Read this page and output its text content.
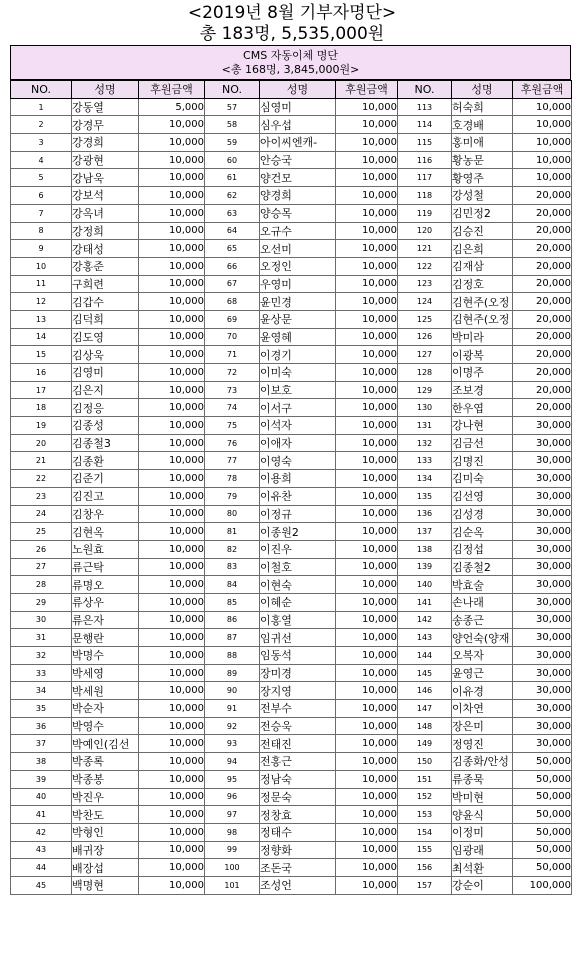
<2019년 8월 기부자명단>
총 183명, 5,535,000원
CMS 자동이체 명단
<총 168명, 3,845,000원>
NO.	성명	후원금액	NO.	성명	후원금액	NO.	성명	후원금액
1	강동열	5,000	57	심영미	10,000	113	허숙희	10,000
2	강경무	10,000	58	심우섭	10,000	114	호경배	10,000
3	강경희	10,000	59	아이씨엔캐-	10,000	115	홍미애	10,000
4	강광현	10,000	60	안승국	10,000	116	황농문	10,000
5	강남욱	10,000	61	양건모	10,000	117	황영주	10,000
6	강보석	10,000	62	양경희	10,000	118	강성철	20,000
7	강옥녀	10,000	63	양승목	10,000	119	김민정2	20,000
8	강정희	10,000	64	오규수	10,000	120	김승진	20,000
9	강태성	10,000	65	오선미	10,000	121	김은희	20,000
10	강홍준	10,000	66	오정인	10,000	122	김재삼	20,000
11	구희련	10,000	67	우영미	10,000	123	김정호	20,000
12	김갑수	10,000	68	윤민경	10,000	124	김현주(오정	20,000
13	김덕희	10,000	69	윤상문	10,000	125	김현주(오정	20,000
14	김도영	10,000	70	윤영혜	10,000	126	박미라	20,000
15	김상욱	10,000	71	이경기	10,000	127	이광복	20,000
16	김영미	10,000	72	이미숙	10,000	128	이명주	20,000
17	김은지	10,000	73	이보호	10,000	129	조보경	20,000
18	김정응	10,000	74	이서구	10,000	130	한우엽	20,000
19	김종성	10,000	75	이석자	10,000	131	강나현	30,000
20	김종철3	10,000	76	이애자	10,000	132	김금선	30,000
21	김종환	10,000	77	이영숙	10,000	133	김명진	30,000
22	김준기	10,000	78	이용희	10,000	134	김미숙	30,000
23	김진고	10,000	79	이유찬	10,000	135	김선영	30,000
24	김창우	10,000	80	이정규	10,000	136	김성경	30,000
25	김현옥	10,000	81	이종원2	10,000	137	김순옥	30,000
26	노원효	10,000	82	이진우	10,000	138	김정섭	30,000
27	류근탁	10,000	83	이철호	10,000	139	김종철2	30,000
28	류명오	10,000	84	이현숙	10,000	140	박효술	30,000
29	류상우	10,000	85	이혜순	10,000	141	손나래	30,000
30	류은자	10,000	86	이홍열	10,000	142	송종근	30,000
31	문행란	10,000	87	임귀선	10,000	143	양언숙(양재	30,000
32	박명수	10,000	88	임동석	10,000	144	오복자	30,000
33	박세영	10,000	89	장미경	10,000	145	윤영근	30,000
34	박세원	10,000	90	장지영	10,000	146	이유경	30,000
35	박순자	10,000	91	전부수	10,000	147	이차연	30,000
36	박영수	10,000	92	전승욱	10,000	148	장은미	30,000
37	박예인(김선	10,000	93	전태진	10,000	149	정영진	30,000
38	박종록	10,000	94	전홍근	10,000	150	김종화/안성	50,000
39	박종봉	10,000	95	정남숙	10,000	151	류종묵	50,000
40	박진우	10,000	96	정문숙	10,000	152	박미현	50,000
41	박찬도	10,000	97	정창효	10,000	153	양윤식	50,000
42	박형인	10,000	98	정태수	10,000	154	이정미	50,000
43	배귀장	10,000	99	정향화	10,000	155	임광래	50,000
44	배장섭	10,000	100	조돈국	10,000	156	최석환	50,000
45	백명현	10,000	101	조성언	10,000	157	강순이	100,000
